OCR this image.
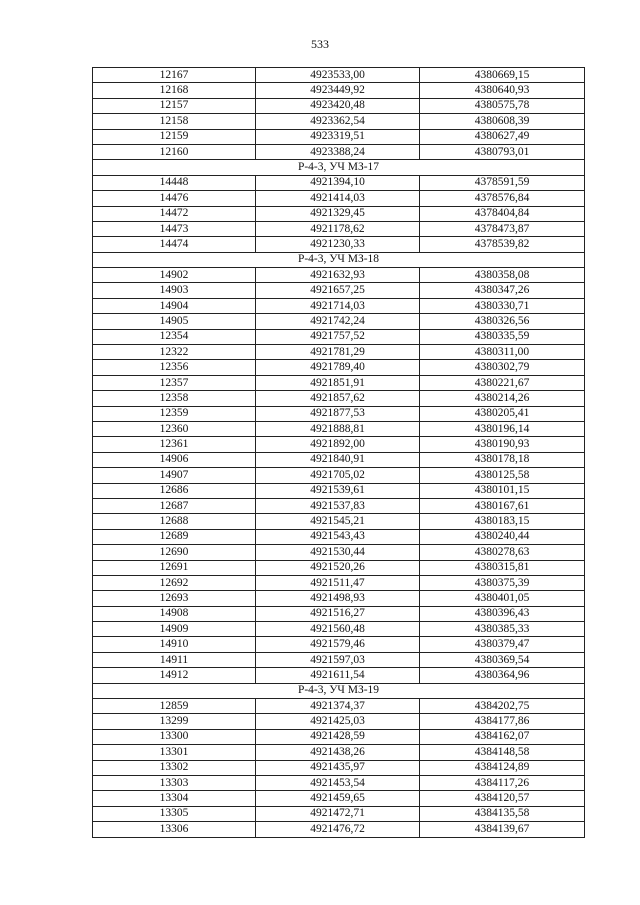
533
12167	4923533,00	4380669,15
12168	4923449,92	4380640,93
12157	4923420,48	4380575,78
12158	4923362,54	4380608,39
12159	4923319,51	4380627,49
12160	4923388,24	4380793,01
Р-4-3, УЧ МЗ-17		
14448	4921394,10	4378591,59
14476	4921414,03	4378576,84
14472	4921329,45	4378404,84
14473	4921178,62	4378473,87
14474	4921230,33	4378539,82
Р-4-3, УЧ МЗ-18		
14902	4921632,93	4380358,08
14903	4921657,25	4380347,26
14904	4921714,03	4380330,71
14905	4921742,24	4380326,56
12354	4921757,52	4380335,59
12322	4921781,29	4380311,00
12356	4921789,40	4380302,79
12357	4921851,91	4380221,67
12358	4921857,62	4380214,26
12359	4921877,53	4380205,41
12360	4921888,81	4380196,14
12361	4921892,00	4380190,93
14906	4921840,91	4380178,18
14907	4921705,02	4380125,58
12686	4921539,61	4380101,15
12687	4921537,83	4380167,61
12688	4921545,21	4380183,15
12689	4921543,43	4380240,44
12690	4921530,44	4380278,63
12691	4921520,26	4380315,81
12692	4921511,47	4380375,39
12693	4921498,93	4380401,05
14908	4921516,27	4380396,43
14909	4921560,48	4380385,33
14910	4921579,46	4380379,47
14911	4921597,03	4380369,54
14912	4921611,54	4380364,96
Р-4-3, УЧ МЗ-19		
12859	4921374,37	4384202,75
13299	4921425,03	4384177,86
13300	4921428,59	4384162,07
13301	4921438,26	4384148,58
13302	4921435,97	4384124,89
13303	4921453,54	4384117,26
13304	4921459,65	4384120,57
13305	4921472,71	4384135,58
13306	4921476,72	4384139,67
